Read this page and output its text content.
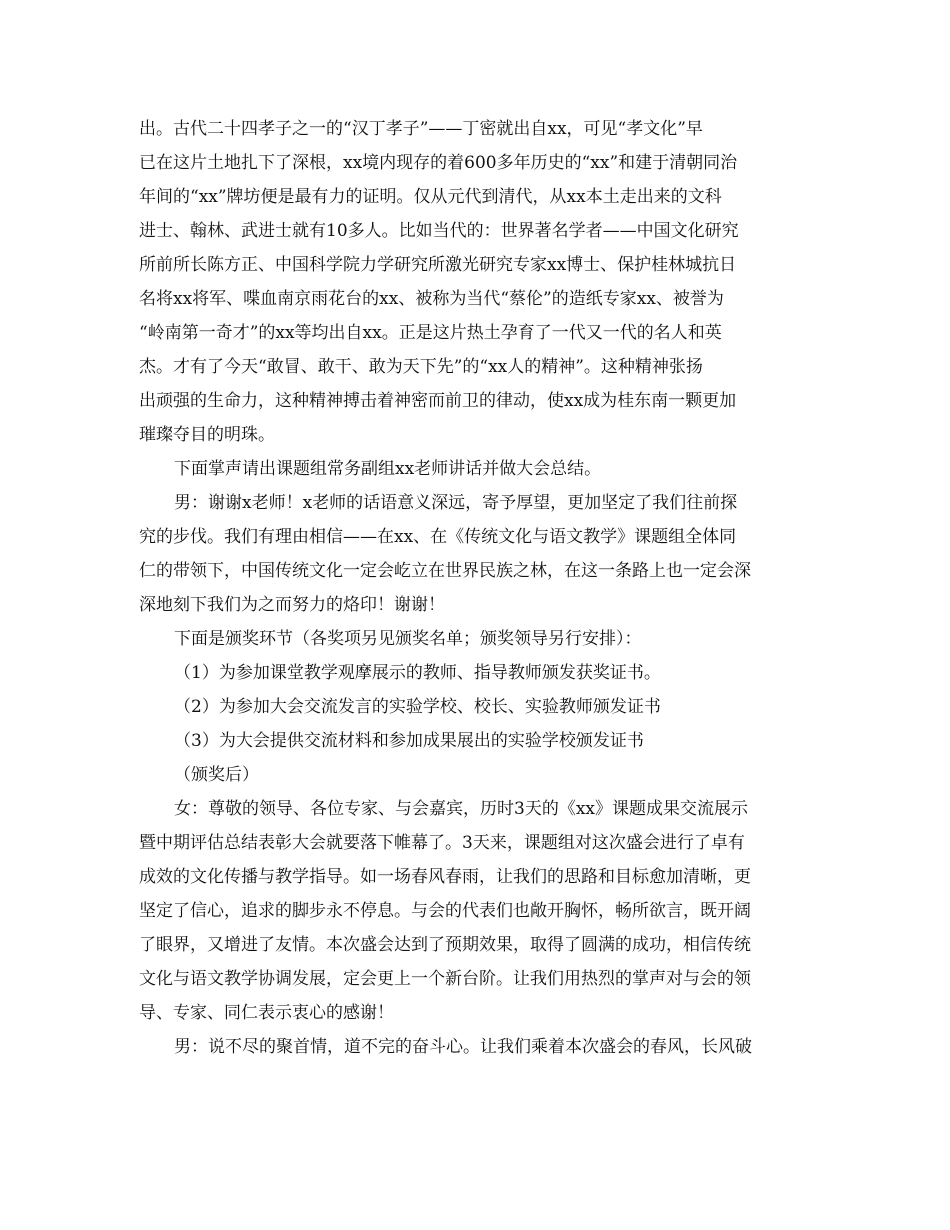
出。古代二十四孝子之一的“汉丁孝子”——丁密就出自xx，可见“孝文化”早
已在这片土地扎下了深根，xx境内现存的着600多年历史的“xx”和建于清朝同治
年间的“xx”牌坊便是最有力的证明。仅从元代到清代，从xx本土走出来的文科
进士、翰林、武进士就有10多人。比如当代的：世界著名学者——中国文化研究
所前所长陈方正、中国科学院力学研究所激光研究专家xx博士、保护桂林城抗日
名将xx将军、喋血南京雨花台的xx、被称为当代“蔡伦”的造纸专家xx、被誉为
“岭南第一奇才”的xx等均出自xx。正是这片热土孕育了一代又一代的名人和英
杰。才有了今天“敢冒、敢干、敢为天下先”的“xx人的精神”。这种精神张扬
出顽强的生命力，这种精神搏击着神密而前卫的律动，使xx成为桂东南一颗更加
璀璨夺目的明珠。
下面掌声请出课题组常务副组xx老师讲话并做大会总结。
男：谢谢x老师！x老师的话语意义深远，寄予厚望，更加坚定了我们往前探
究的步伐。我们有理由相信——在xx、在《传统文化与语文教学》课题组全体同
仁的带领下，中国传统文化一定会屹立在世界民族之林，在这一条路上也一定会深
深地刻下我们为之而努力的烙印！谢谢！
下面是颁奖环节（各奖项另见颁奖名单；颁奖领导另行安排）：
（1）为参加课堂教学观摩展示的教师、指导教师颁发获奖证书。
（2）为参加大会交流发言的实验学校、校长、实验教师颁发证书
（3）为大会提供交流材料和参加成果展出的实验学校颁发证书
（颁奖后）
女：尊敬的领导、各位专家、与会嘉宾，历时3天的《xx》课题成果交流展示
暨中期评估总结表彰大会就要落下帷幕了。3天来，课题组对这次盛会进行了卓有
成效的文化传播与教学指导。如一场春风春雨，让我们的思路和目标愈加清晰，更
坚定了信心，追求的脚步永不停息。与会的代表们也敞开胸怀，畅所欲言，既开阔
了眼界，又增进了友情。本次盛会达到了预期效果，取得了圆满的成功，相信传统
文化与语文教学协调发展，定会更上一个新台阶。让我们用热烈的掌声对与会的领
导、专家、同仁表示衷心的感谢！
男：说不尽的聚首情，道不完的奋斗心。让我们乘着本次盛会的春风，长风破
